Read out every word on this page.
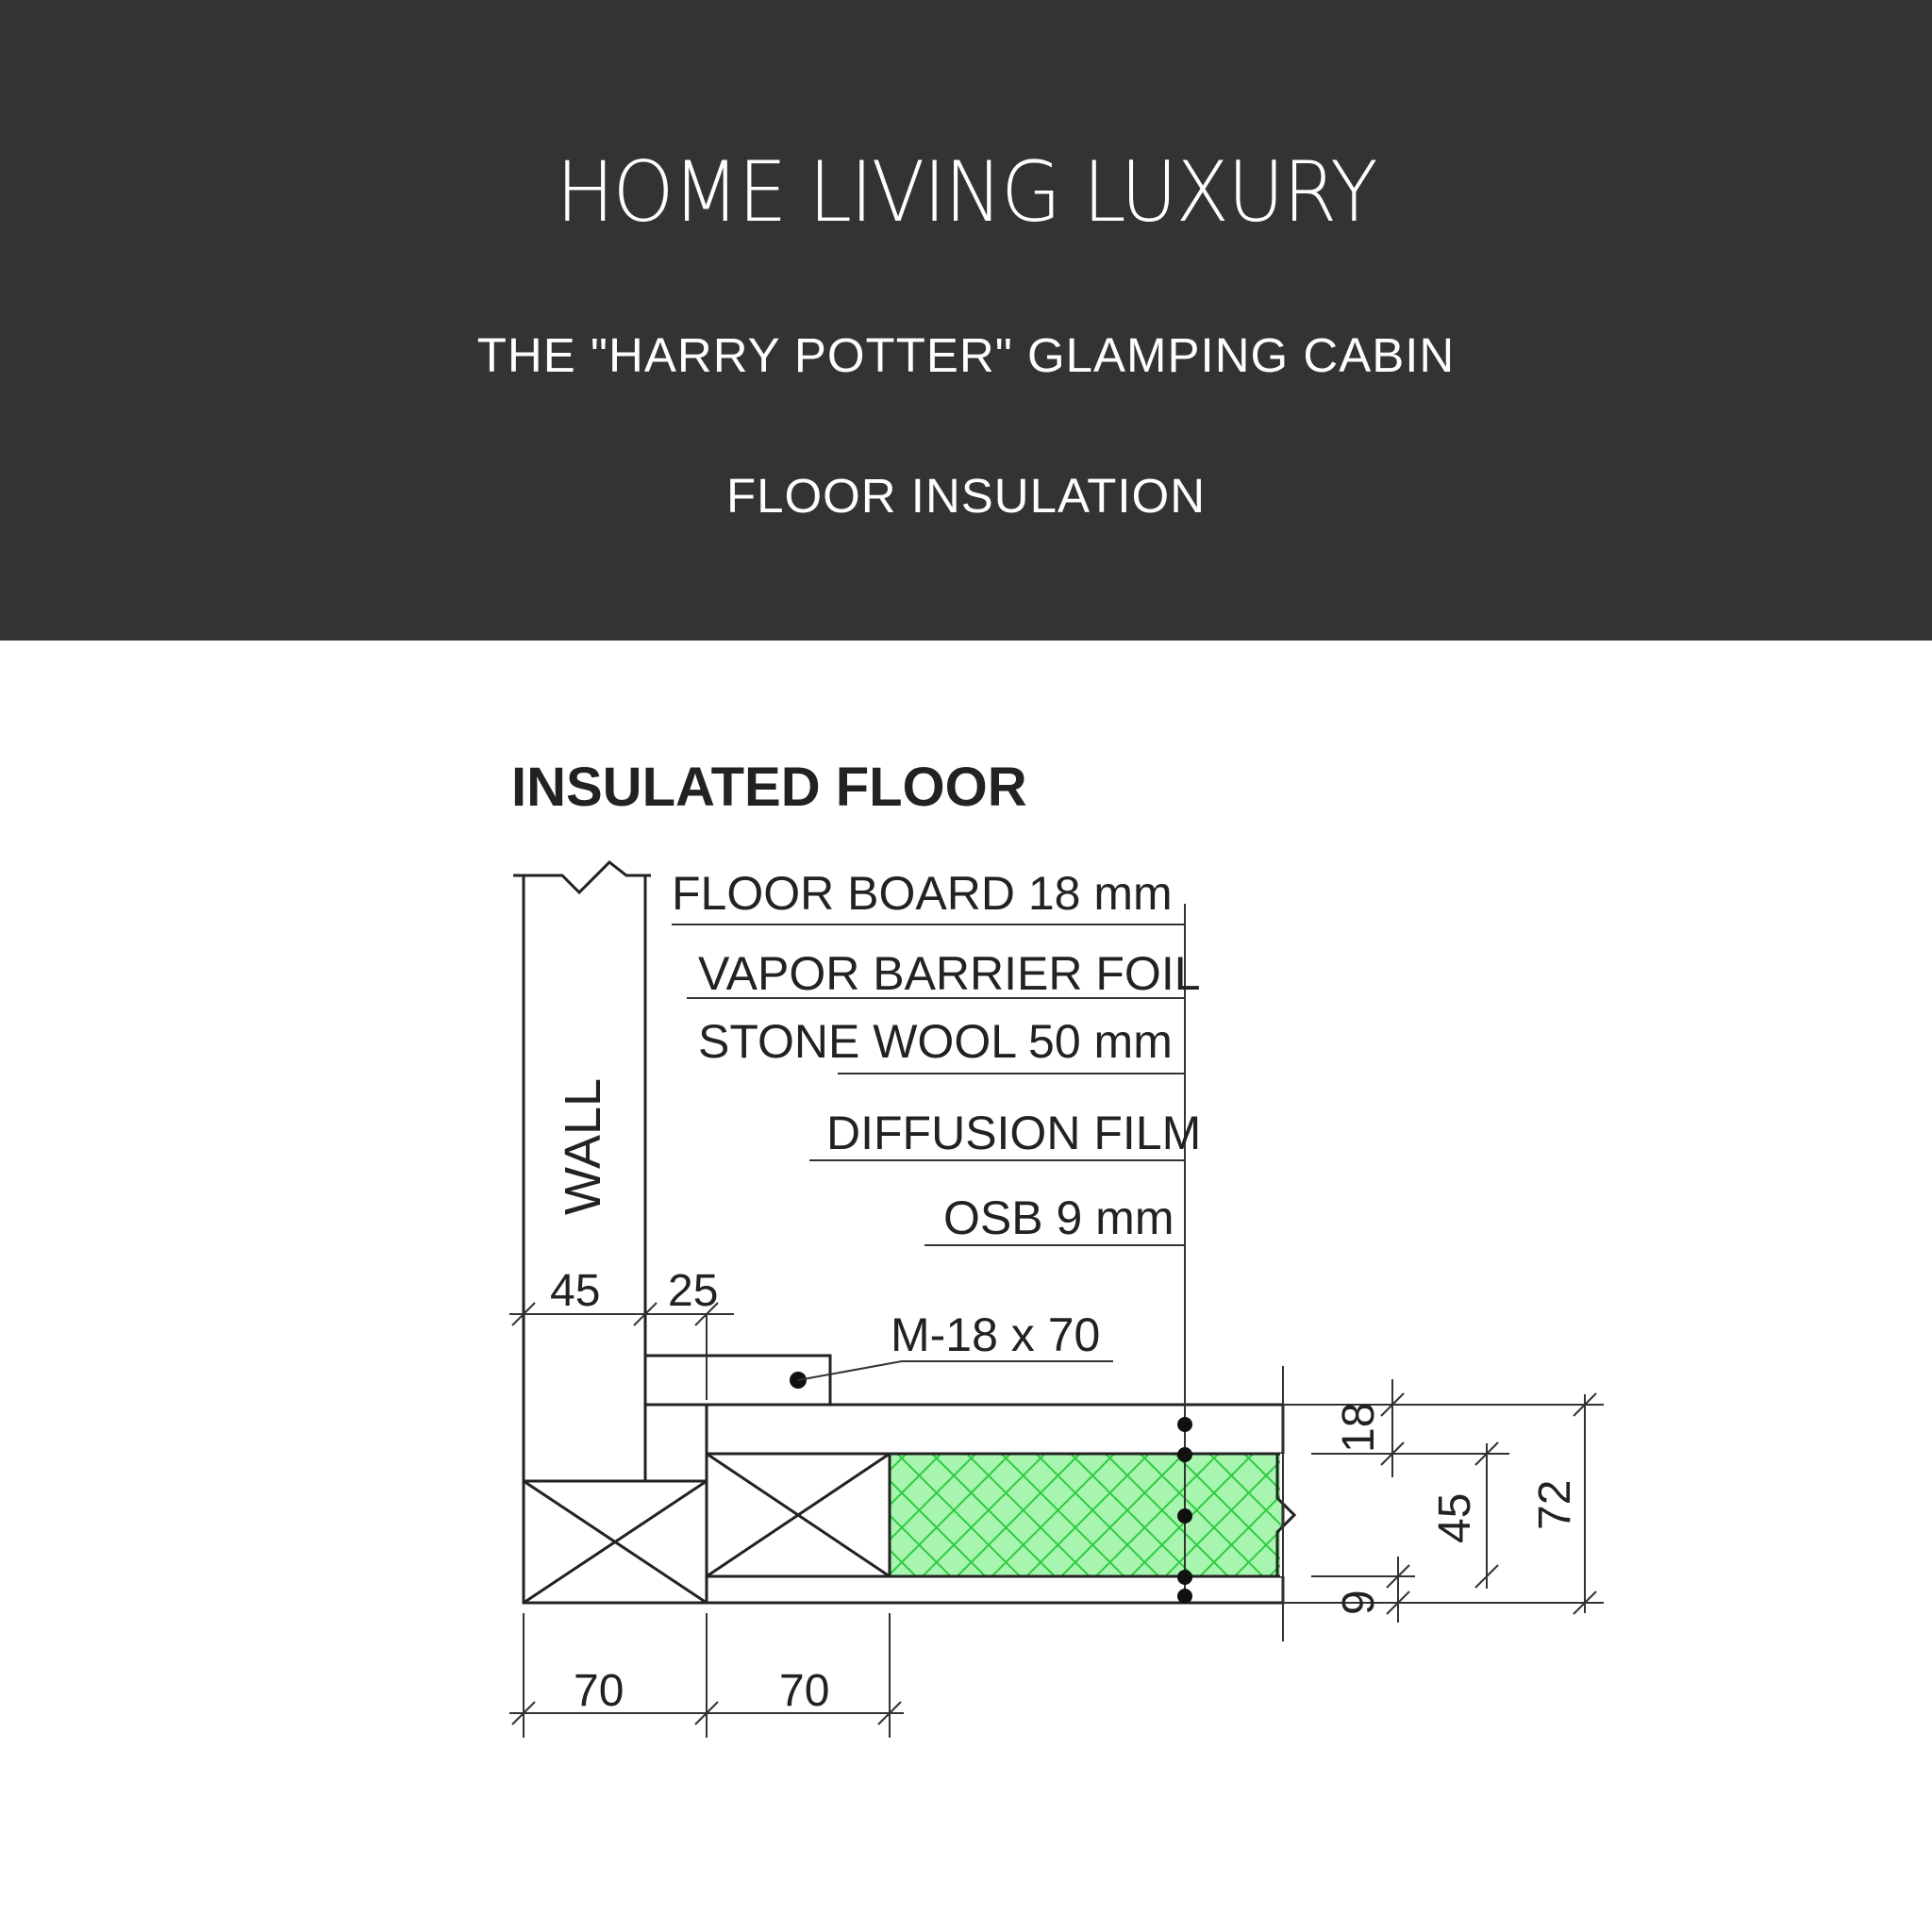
HOME LIVING LUXURY
THE "HARRY POTTER" GLAMPING CABIN
FLOOR INSULATION
INSULATED FLOOR
WALL
FLOOR BOARD 18 mm
VAPOR BARRIER FOIL
STONE WOOL 50 mm
DIFFUSION FILM
OSB 9 mm
M-18 x 70
45 25
70	70
18
45
9
72
